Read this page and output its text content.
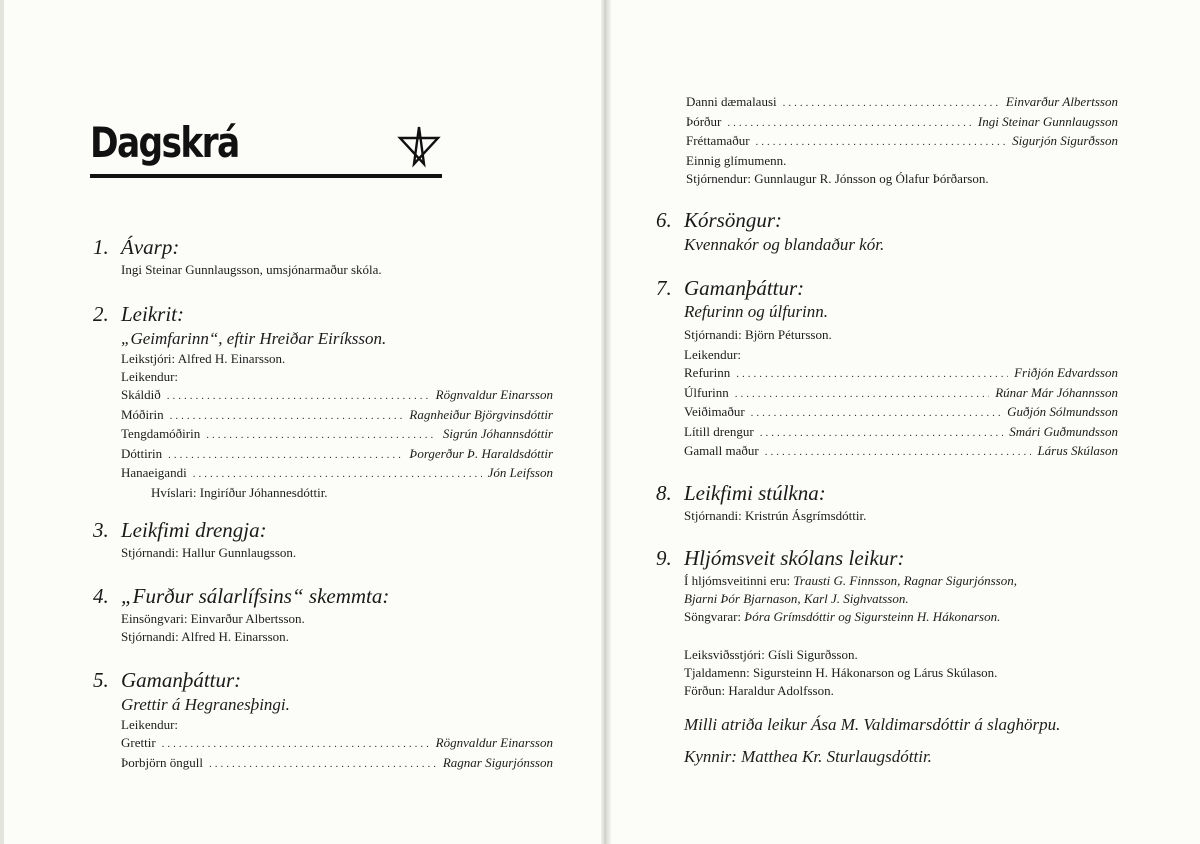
Dagskrá
1. Ávarp:
Ingi Steinar Gunnlaugsson, umsjónarmaður skóla.
2. Leikrit:
„Geimfarinn“, eftir Hreiðar Eiríksson.
Leikstjóri: Alfred H. Einarsson.
Leikendur:
Skáldið .....	Rögnvaldur Einarsson
Móðirin .....	Ragnheiður Björgvinsdóttir
Tengdamóðirin .....	Sigrún Jóhannsdóttir
Dóttirin .....	Þorgerður Þ. Haraldsdóttir
Hanaeigandi .....	Jón Leifsson
Hvíslari: Ingiríður Jóhannesdóttir.
3. Leikfimi drengja:
Stjórnandi: Hallur Gunnlaugsson.
4. „Furður sálarlífsins“ skemmta:
Einsöngvari: Einvarður Albertsson.
Stjórnandi: Alfred H. Einarsson.
5. Gamanþáttur:
Grettir á Hegranesþingi.
Leikendur:
Grettir .....	Rögnvaldur Einarsson
Þorbjörn öngull .....	Ragnar Sigurjónsson
Danni dæmalausi .....	Einvarður Albertsson
Þórður .....	Ingi Steinar Gunnlaugsson
Fréttamaður .....	Sigurjón Sigurðsson
Einnig glímumenn.
Stjórnendur: Gunnlaugur R. Jónsson og Ólafur Þórðarson.
6. Kórsöngur:
Kvennakór og blandaður kór.
7. Gamanþáttur:
Refurinn og úlfurinn.
Stjórnandi: Björn Pétursson.
Leikendur:
Refurinn .....	Friðjón Edvardsson
Úlfurinn .....	Rúnar Már Jóhannsson
Veiðimaður .....	Guðjón Sólmundsson
Lítill drengur .....	Smári Guðmundsson
Gamall maður .....	Lárus Skúlason
8. Leikfimi stúlkna:
Stjórnandi: Kristrún Ásgrímsdóttir.
9. Hljómsveit skólans leikur:
Í hljómsveitinni eru: Trausti G. Finnsson, Ragnar Sigurjónsson,
Bjarni Þór Bjarnason, Karl J. Sighvatsson.
Söngvarar: Þóra Grímsdóttir og Sigursteinn H. Hákonarson.
Leiksviðsstjóri: Gísli Sigurðsson.
Tjaldamenn: Sigursteinn H. Hákonarson og Lárus Skúlason.
Förðun: Haraldur Adolfsson.
Milli atriða leikur Ása M. Valdimarsdóttir á slaghörpu.
Kynnir: Matthea Kr. Sturlaugsdóttir.
